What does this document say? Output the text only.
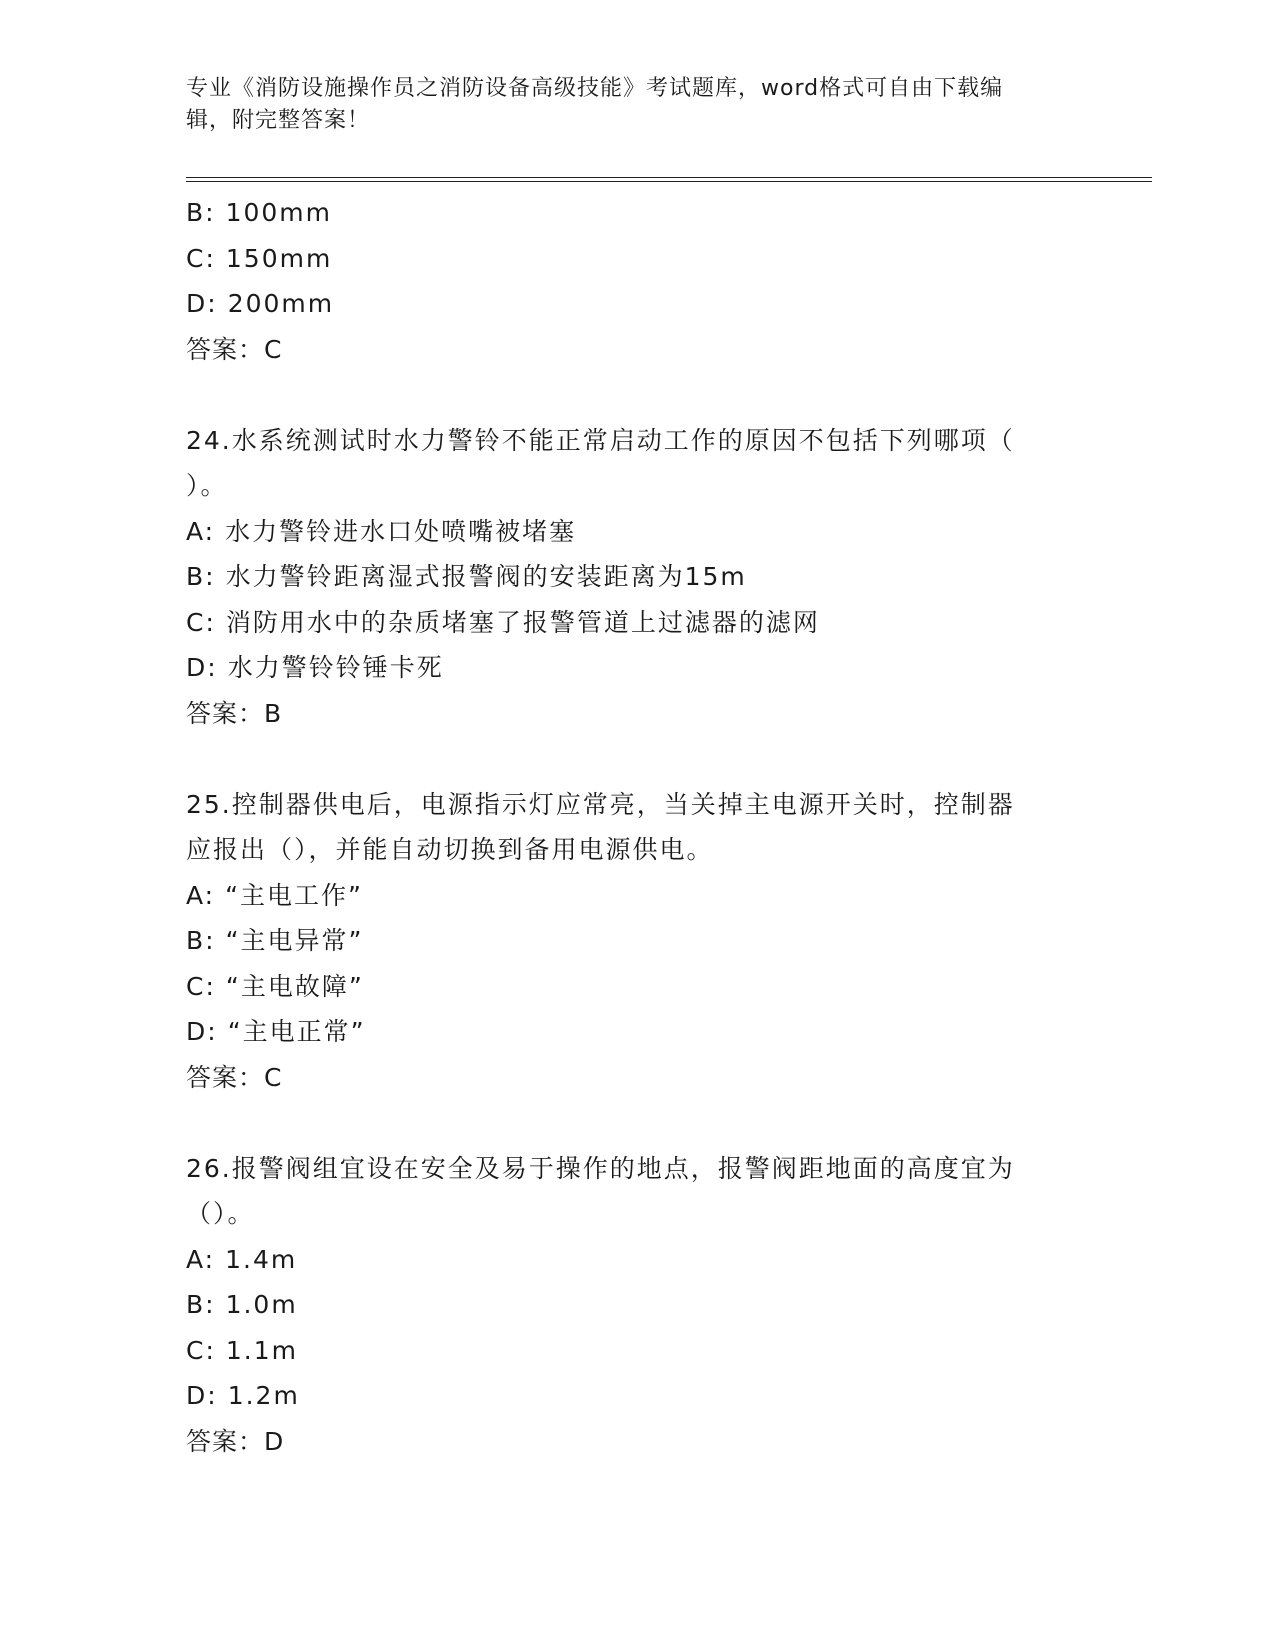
专业《消防设施操作员之消防设备高级技能》考试题库，word格式可自由下载编
辑，附完整答案！
B: 100mm
C: 150mm
D: 200mm
答案：C
24.水系统测试时水力警铃不能正常启动工作的原因不包括下列哪项（
）。
A: 水力警铃进水口处喷嘴被堵塞
B: 水力警铃距离湿式报警阀的安装距离为15m
C: 消防用水中的杂质堵塞了报警管道上过滤器的滤网
D: 水力警铃铃锤卡死
答案：B
25.控制器供电后，电源指示灯应常亮，当关掉主电源开关时，控制器
应报出（），并能自动切换到备用电源供电。
A: “主电工作”
B: “主电异常”
C: “主电故障”
D: “主电正常”
答案：C
26.报警阀组宜设在安全及易于操作的地点，报警阀距地面的高度宜为
（）。
A: 1.4m
B: 1.0m
C: 1.1m
D: 1.2m
答案：D
